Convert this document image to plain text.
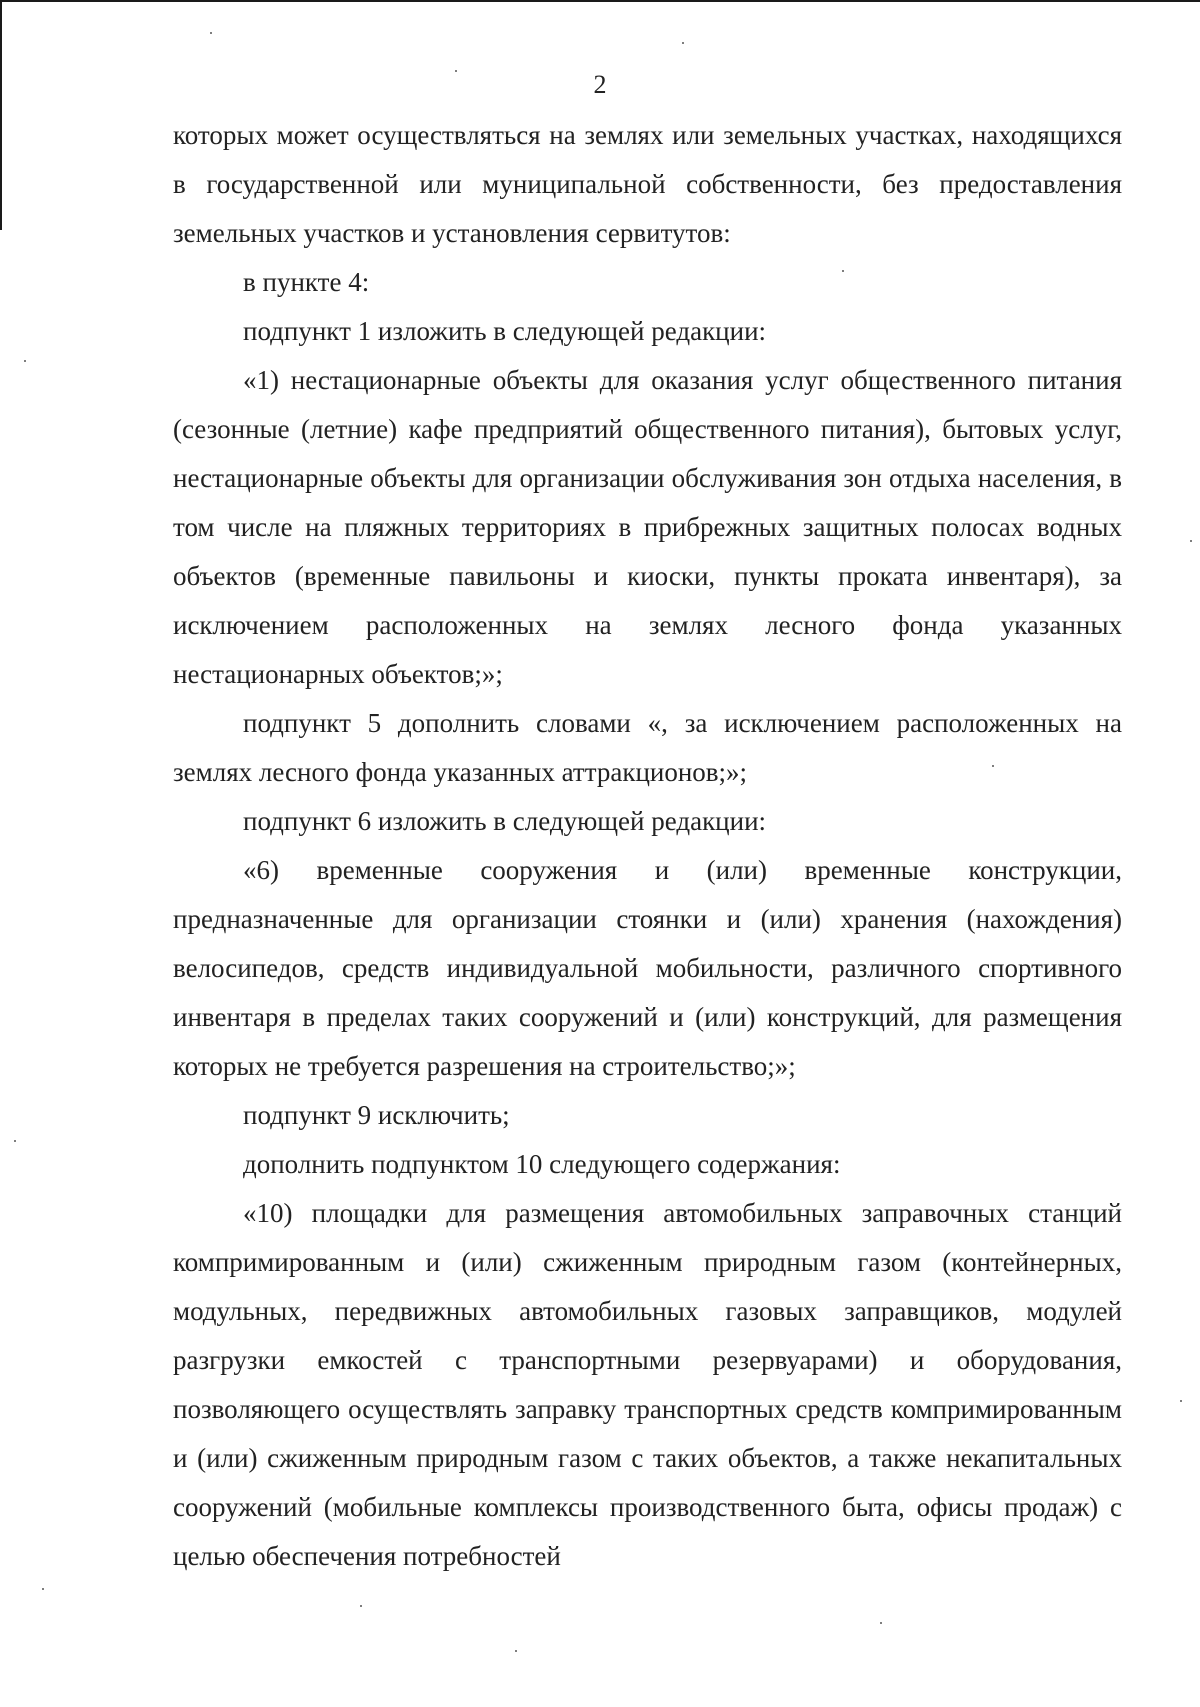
2

которых может осуществляться на землях или земельных участках, находящихся в государственной или муниципальной собственности, без предоставления земельных участков и установления сервитутов:

в пункте 4:

подпункт 1 изложить в следующей редакции:

«1) нестационарные объекты для оказания услуг общественного питания (сезонные (летние) кафе предприятий общественного питания), бытовых услуг, нестационарные объекты для организации обслуживания зон отдыха населения, в том числе на пляжных территориях в прибрежных защитных полосах водных объектов (временные павильоны и киоски, пункты проката инвентаря), за исключением расположенных на землях лесного фонда указанных нестационарных объектов;»;

подпункт 5 дополнить словами «, за исключением расположенных на землях лесного фонда указанных аттракционов;»;

подпункт 6 изложить в следующей редакции:

«6) временные сооружения и (или) временные конструкции, предназначенные для организации стоянки и (или) хранения (нахождения) велосипедов, средств индивидуальной мобильности, различного спортивного инвентаря в пределах таких сооружений и (или) конструкций, для размещения которых не требуется разрешения на строительство;»;

подпункт 9 исключить;

дополнить подпунктом 10 следующего содержания:

«10) площадки для размещения автомобильных заправочных станций компримированным и (или) сжиженным природным газом (контейнерных, модульных, передвижных автомобильных газовых заправщиков, модулей разгрузки емкостей с транспортными резервуарами) и оборудования, позволяющего осуществлять заправку транспортных средств компримированным и (или) сжиженным природным газом с таких объектов, а также некапитальных сооружений (мобильные комплексы производственного быта, офисы продаж) с целью обеспечения потребностей
